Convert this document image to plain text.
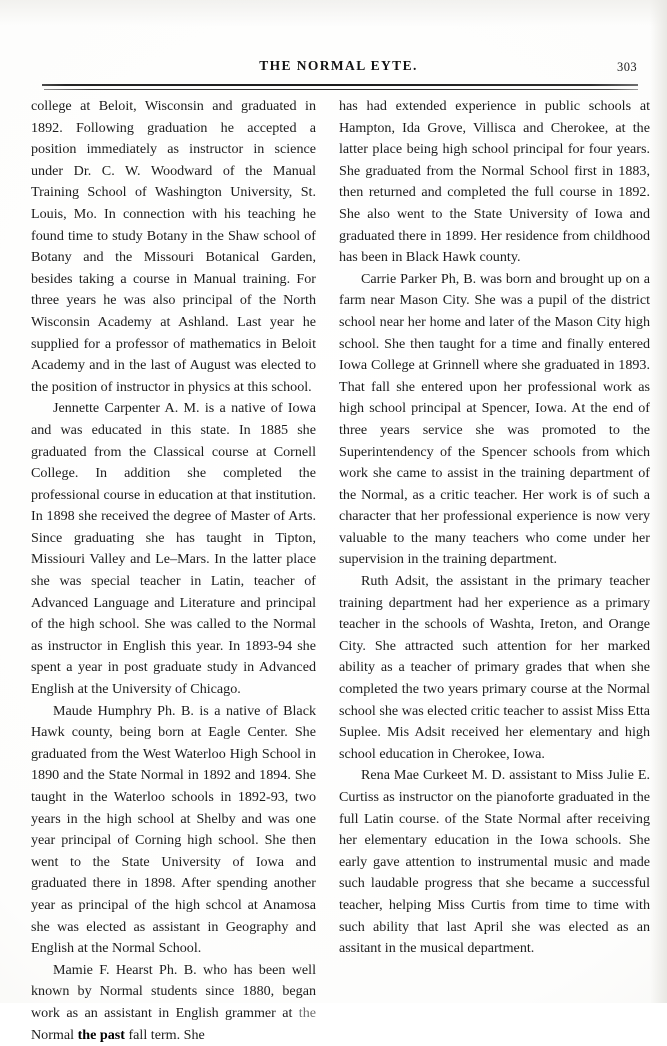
THE NORMAL EYTE.	303

college at Beloit, Wisconsin and graduated in 1892. Following graduation he accepted a position immediately as instructor in science under Dr. C. W. Woodward of the Manual Training School of Washington University, St. Louis, Mo. In connection with his teaching he found time to study Botany in the Shaw school of Botany and the Missouri Botanical Garden, besides taking a course in Manual training. For three years he was also principal of the North Wisconsin Academy at Ashland. Last year he supplied for a professor of mathematics in Beloit Academy and in the last of August was elected to the position of instructor in physics at this school.

Jennette Carpenter A. M. is a native of Iowa and was educated in this state. In 1885 she graduated from the Classical course at Cornell College. In addition she completed the professional course in education at that institution. In 1898 she received the degree of Master of Arts. Since graduating she has taught in Tipton, Missiouri Valley and Le–Mars. In the latter place she was special teacher in Latin, teacher of Advanced Language and Literature and principal of the high school. She was called to the Normal as instructor in English this year. In 1893-94 she spent a year in post graduate study in Advanced English at the University of Chicago.

Maude Humphry Ph. B. is a native of Black Hawk county, being born at Eagle Center. She graduated from the West Waterloo High School in 1890 and the State Normal in 1892 and 1894. She taught in the Waterloo schools in 1892-93, two years in the high school at Shelby and was one year principal of Corning high school. She then went to the State University of Iowa and graduated there in 1898. After spending another year as principal of the high schcol at Anamosa she was elected as assistant in Geography and English at the Normal School.

Mamie F. Hearst Ph. B. who has been well known by Normal students since 1880, began work as an assistant in English grammer at the Normal the past fall term. She

has had extended experience in public schools at Hampton, Ida Grove, Villisca and Cherokee, at the latter place being high school principal for four years. She graduated from the Normal School first in 1883, then returned and completed the full course in 1892. She also went to the State University of Iowa and graduated there in 1899. Her residence from childhood has been in Black Hawk county.

Carrie Parker Ph, B. was born and brought up on a farm near Mason City. She was a pupil of the district school near her home and later of the Mason City high school. She then taught for a time and finally entered Iowa College at Grinnell where she graduated in 1893. That fall she entered upon her professional work as high school principal at Spencer, Iowa. At the end of three years service she was promoted to the Superintendency of the Spencer schools from which work she came to assist in the training department of the Normal, as a critic teacher. Her work is of such a character that her professional experience is now very valuable to the many teachers who come under her supervision in the training department.

Ruth Adsit, the assistant in the primary teacher training department had her experience as a primary teacher in the schools of Washta, Ireton, and Orange City. She attracted such attention for her marked ability as a teacher of primary grades that when she completed the two years primary course at the Normal school she was elected critic teacher to assist Miss Etta Suplee. Mis Adsit received her elementary and high school education in Cherokee, Iowa.

Rena Mae Curkeet M. D. assistant to Miss Julie E. Curtiss as instructor on the pianoforte graduated in the full Latin course. of the State Normal after receiving her elementary education in the Iowa schools. She early gave attention to instrumental music and made such laudable progress that she became a successful teacher, helping Miss Curtis from time to time with such ability that last April she was elected as an assitant in the musical department.
